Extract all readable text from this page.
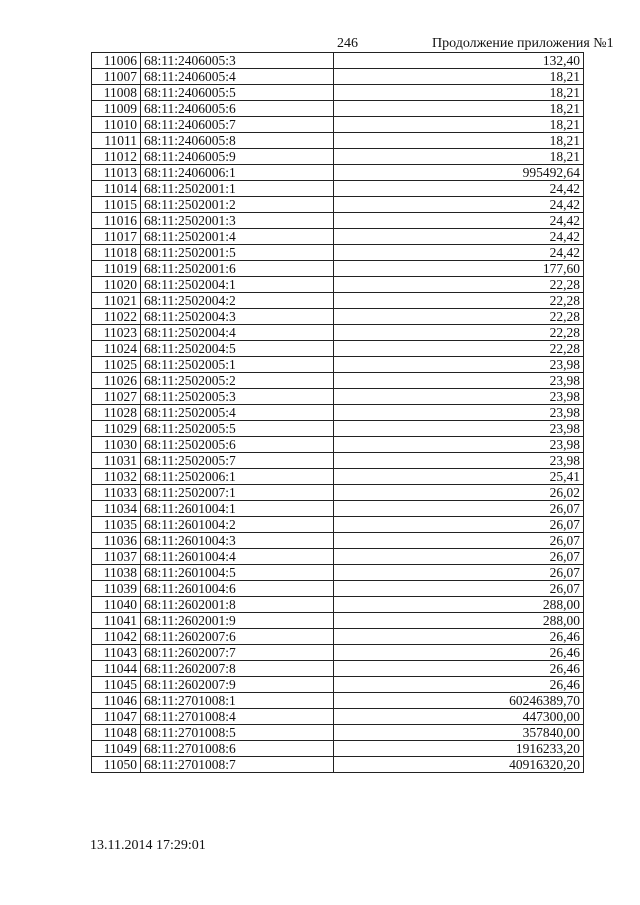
246	Продолжение приложения №1
11006	68:11:2406005:3	132,40
11007	68:11:2406005:4	18,21
11008	68:11:2406005:5	18,21
11009	68:11:2406005:6	18,21
11010	68:11:2406005:7	18,21
11011	68:11:2406005:8	18,21
11012	68:11:2406005:9	18,21
11013	68:11:2406006:1	995492,64
11014	68:11:2502001:1	24,42
11015	68:11:2502001:2	24,42
11016	68:11:2502001:3	24,42
11017	68:11:2502001:4	24,42
11018	68:11:2502001:5	24,42
11019	68:11:2502001:6	177,60
11020	68:11:2502004:1	22,28
11021	68:11:2502004:2	22,28
11022	68:11:2502004:3	22,28
11023	68:11:2502004:4	22,28
11024	68:11:2502004:5	22,28
11025	68:11:2502005:1	23,98
11026	68:11:2502005:2	23,98
11027	68:11:2502005:3	23,98
11028	68:11:2502005:4	23,98
11029	68:11:2502005:5	23,98
11030	68:11:2502005:6	23,98
11031	68:11:2502005:7	23,98
11032	68:11:2502006:1	25,41
11033	68:11:2502007:1	26,02
11034	68:11:2601004:1	26,07
11035	68:11:2601004:2	26,07
11036	68:11:2601004:3	26,07
11037	68:11:2601004:4	26,07
11038	68:11:2601004:5	26,07
11039	68:11:2601004:6	26,07
11040	68:11:2602001:8	288,00
11041	68:11:2602001:9	288,00
11042	68:11:2602007:6	26,46
11043	68:11:2602007:7	26,46
11044	68:11:2602007:8	26,46
11045	68:11:2602007:9	26,46
11046	68:11:2701008:1	60246389,70
11047	68:11:2701008:4	447300,00
11048	68:11:2701008:5	357840,00
11049	68:11:2701008:6	1916233,20
11050	68:11:2701008:7	40916320,20
13.11.2014 17:29:01
